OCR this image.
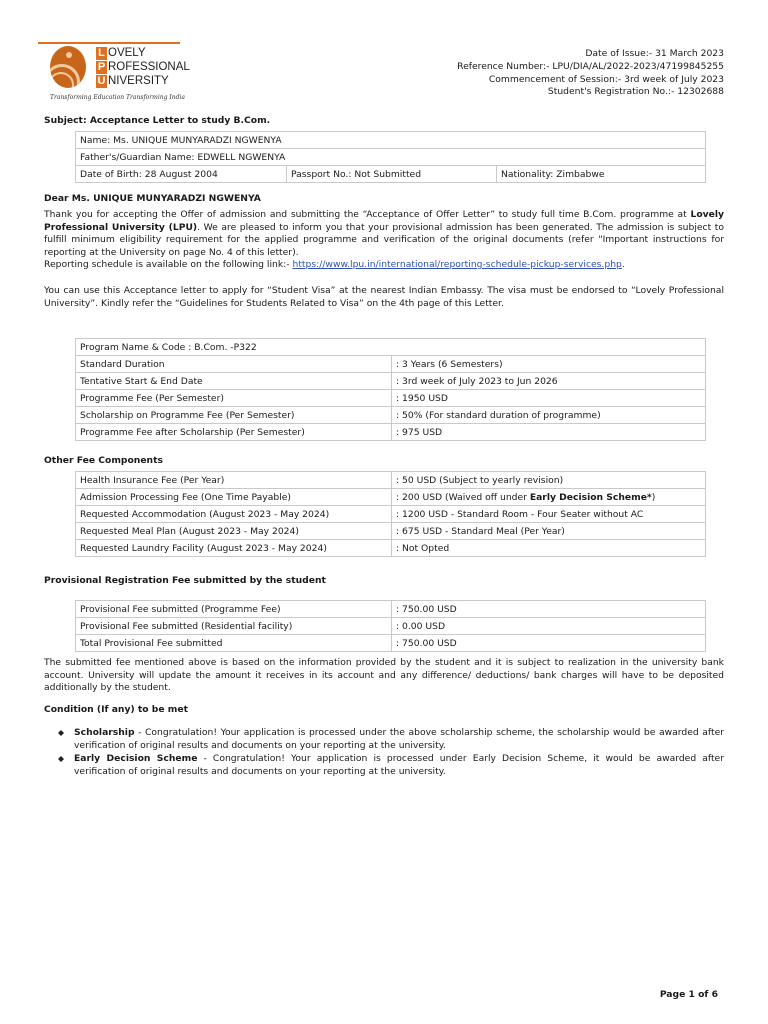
L OVELY
P ROFESSIONAL
U NIVERSITY
Transforming Education Transforming India
Date of Issue:- 31 March 2023
Reference Number:- LPU/DIA/AL/2022-2023/47199845255
Commencement of Session:- 3rd week of July 2023
Student's Registration No.:- 12302688
Subject: Acceptance Letter to study B.Com.
Name: Ms. UNIQUE MUNYARADZI NGWENYA
Father's/Guardian Name: EDWELL NGWENYA
Date of Birth: 28 August 2004	Passport No.: Not Submitted	Nationality: Zimbabwe
Dear Ms. UNIQUE MUNYARADZI NGWENYA
Thank you for accepting the Offer of admission and submitting the “Acceptance of Offer Letter” to study full time B.Com. programme at Lovely Professional University (LPU). We are pleased to inform you that your provisional admission has been generated. The admission is subject to fulfill minimum eligibility requirement for the applied programme and verification of the original documents (refer "Important instructions for reporting at the University on page No. 4 of this letter).
Reporting schedule is available on the following link:- https://www.lpu.in/international/reporting-schedule-pickup-services.php.
You can use this Acceptance letter to apply for “Student Visa” at the nearest Indian Embassy. The visa must be endorsed to “Lovely Professional University”. Kindly refer the “Guidelines for Students Related to Visa” on the 4th page of this Letter.
Program Name & Code : B.Com. -P322	
Standard Duration	: 3 Years (6 Semesters)
Tentative Start & End Date	: 3rd week of July 2023 to Jun 2026
Programme Fee (Per Semester)	: 1950 USD
Scholarship on Programme Fee (Per Semester)	: 50% (For standard duration of programme)
Programme Fee after Scholarship (Per Semester)	: 975 USD
Other Fee Components
Health Insurance Fee (Per Year)	: 50 USD (Subject to yearly revision)
Admission Processing Fee (One Time Payable)	: 200 USD (Waived off under Early Decision Scheme*)
Requested Accommodation (August 2023 - May 2024)	: 1200 USD - Standard Room - Four Seater without AC
Requested Meal Plan (August 2023 - May 2024)	: 675 USD - Standard Meal (Per Year)
Requested Laundry Facility (August 2023 - May 2024)	: Not Opted
Provisional Registration Fee submitted by the student
Provisional Fee submitted (Programme Fee)	: 750.00 USD
Provisional Fee submitted (Residential facility)	: 0.00 USD
Total Provisional Fee submitted	: 750.00 USD
The submitted fee mentioned above is based on the information provided by the student and it is subject to realization in the university bank account. University will update the amount it receives in its account and any difference/ deductions/ bank charges will have to be deposited additionally by the student.
Condition (If any) to be met
Scholarship - Congratulation! Your application is processed under the above scholarship scheme, the scholarship would be awarded after verification of original results and documents on your reporting at the university.
Early Decision Scheme - Congratulation! Your application is processed under Early Decision Scheme, it would be awarded after verification of original results and documents on your reporting at the university.
Page 1 of 6
